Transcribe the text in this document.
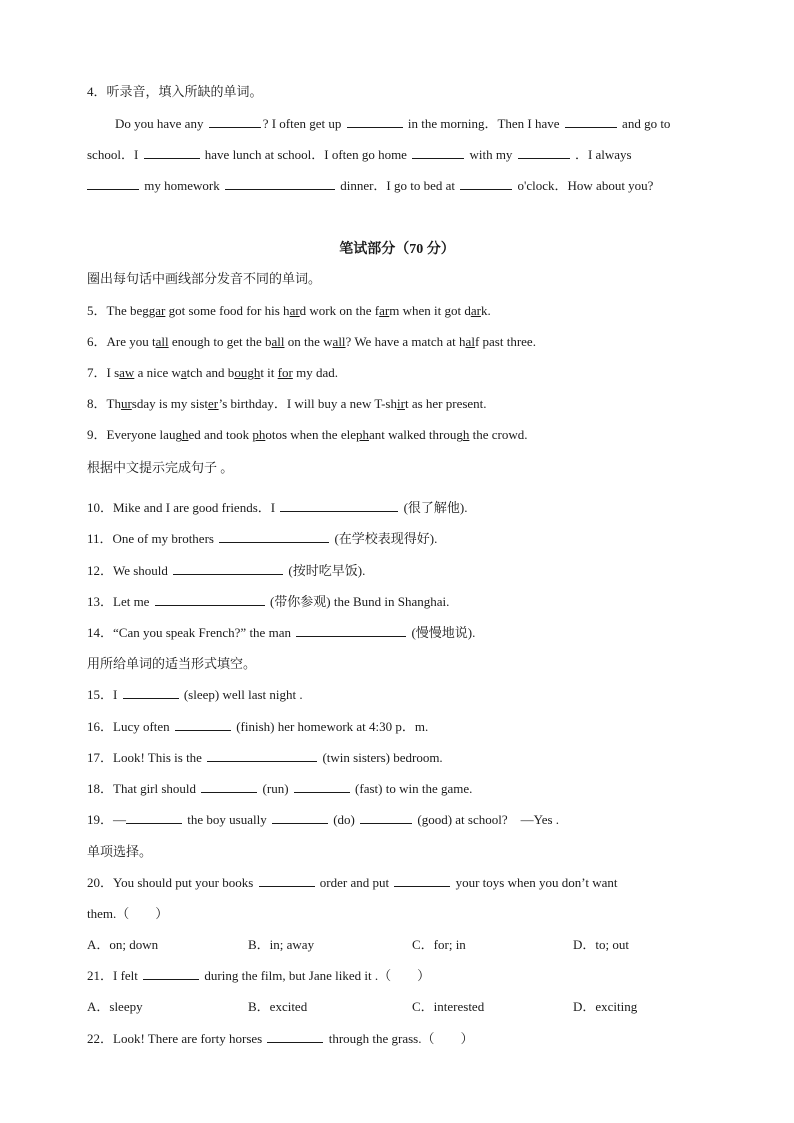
4．听录音，填入所缺的单词。
Do you have any	? I often get up	in the morning．Then I have	and go to
school．I	have lunch at school．I often go home	with my	．I always
my homework	dinner．I go to bed at	o'clock．How about you?
笔试部分（70 分）
圈出每句话中画线部分发音不同的单词。
5．The beggar got some food for his hard work on the farm when it got dark.
6．Are you tall enough to get the ball on the wall? We have a match at half past three.
7．I saw a nice watch and bought it for my dad.
8．Thursday is my sister’s birthday．I will buy a new T-shirt as her present.
9．Everyone laughed and took photos when the elephant walked through the crowd.
根据中文提示完成句子 。
10．Mike and I are good friends．I	(很了解他).
11．One of my brothers	(在学校表现得好).
12．We should	(按时吃早饭).
13．Let me	(带你参观) the Bund in Shanghai.
14．“Can you speak French?” the man	(慢慢地说).
用所给单词的适当形式填空。
15．I	(sleep) well last night .
16．Lucy often	(finish) her homework at 4:30 p．m.
17．Look! This is the	(twin sisters) bedroom.
18．That girl should	(run)	(fast) to win the game.
19．—	the boy usually	(do)	(good) at school?　—Yes .
单项选择。
20．You should put your books	order and put	your toys when you don’t want
them.（　　）
A．on; down	B．in; away	C．for; in	D．to; out
21．I felt	during the film, but Jane liked it .（　　）
A．sleepy	B．excited	C．interested	D．exciting
22．Look! There are forty horses	through the grass.（　　）
